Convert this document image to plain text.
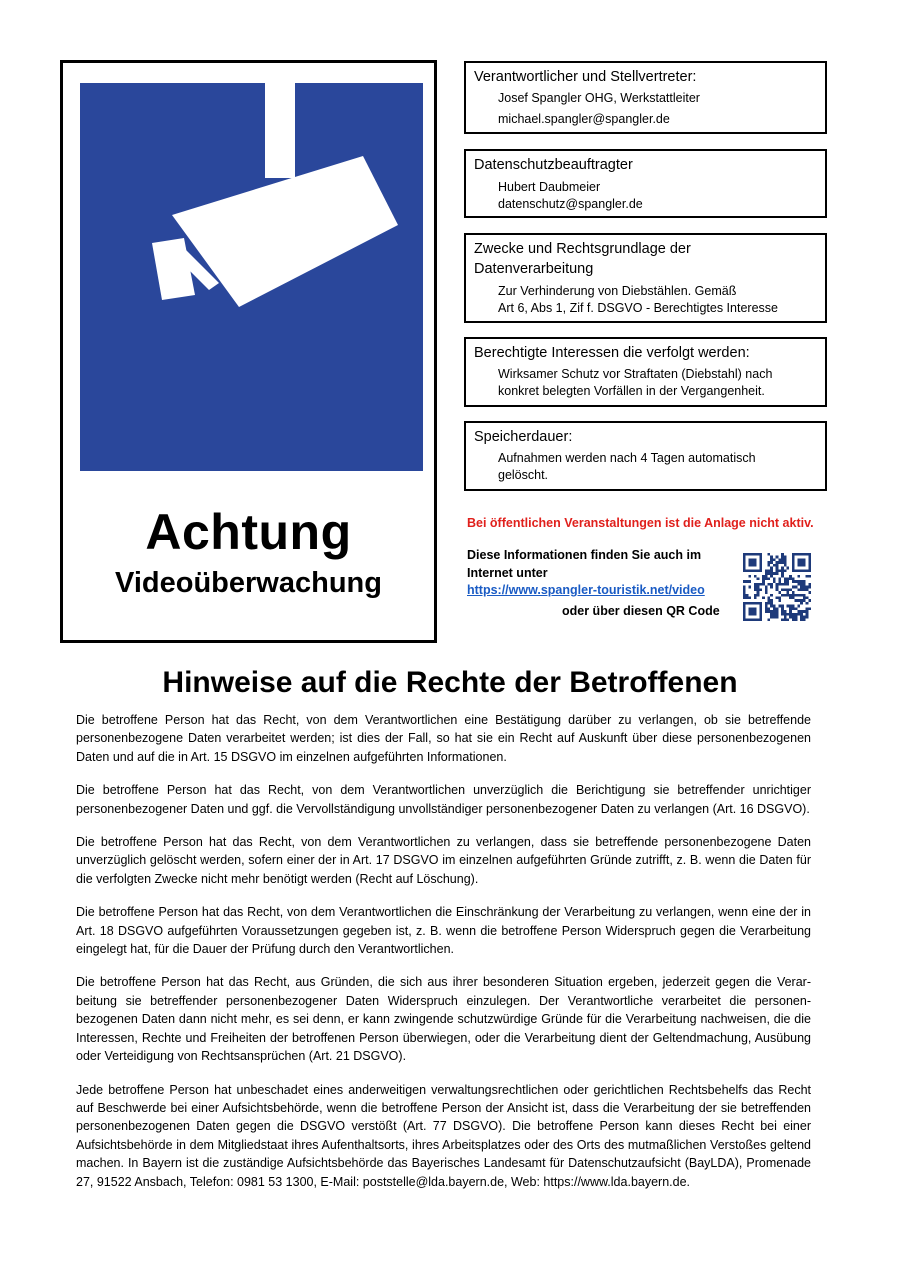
Achtung
Videoüberwachung
Verantwortlicher und Stellvertreter:
Josef Spangler OHG, Werkstattleiter
michael.spangler@spangler.de
Datenschutzbeauftragter
Hubert Daubmeier
datenschutz@spangler.de
Zwecke und Rechtsgrundlage der
Datenverarbeitung
Zur Verhinderung von Diebstählen. Gemäß
Art 6, Abs 1, Zif f. DSGVO - Berechtigtes Interesse
Berechtigte Interessen die verfolgt werden:
Wirksamer Schutz vor Straftaten (Diebstahl) nach
konkret belegten Vorfällen in der Vergangenheit.
Speicherdauer:
Aufnahmen werden nach 4 Tagen automatisch
gelöscht.
Bei öffentlichen Veranstaltungen ist die Anlage nicht aktiv.
Diese Informationen finden Sie auch im
Internet unter
https://www.spangler-touristik.net/video
oder über diesen QR Code
Hinweise auf die Rechte der Betroffenen

Die betroffene Person hat das Recht, von dem Verantwortlichen eine Bestätigung darüber zu verlangen, ob sie betreffende personenbezogene Daten verarbeitet werden; ist dies der Fall, so hat sie ein Recht auf Auskunft über diese personenbezogenen Daten und auf die in Art. 15 DSGVO im einzelnen aufgeführten Informationen.

Die betroffene Person hat das Recht, von dem Verantwortlichen unverzüglich die Berichtigung sie betreffender unrichtiger personenbezogener Daten und ggf. die Vervollständigung unvollständiger personenbezogener Daten zu verlangen (Art. 16 DSGVO).

Die betroffene Person hat das Recht, von dem Verantwortlichen zu verlangen, dass sie betreffende personenbezogene Daten unverzüglich gelöscht werden, sofern einer der in Art. 17 DSGVO im einzelnen aufgeführten Gründe zutrifft, z. B. wenn die Daten für die verfolgten Zwecke nicht mehr benötigt werden (Recht auf Löschung).

Die betroffene Person hat das Recht, von dem Verantwortlichen die Einschränkung der Verarbeitung zu verlangen, wenn eine der in Art. 18 DSGVO aufgeführten Voraussetzungen gegeben ist, z. B. wenn die betroffene Person Widerspruch gegen die Verarbeitung eingelegt hat, für die Dauer der Prüfung durch den Verantwortlichen.

Die betroffene Person hat das Recht, aus Gründen, die sich aus ihrer besonderen Situation ergeben, jederzeit gegen die Verarbeitung sie betreffender personenbezogener Daten Widerspruch einzulegen. Der Verantwortliche verarbeitet die personenbezogenen Daten dann nicht mehr, es sei denn, er kann zwingende schutzwürdige Gründe für die Verarbeitung nachweisen, die die Interessen, Rechte und Freiheiten der betroffenen Person überwiegen, oder die Verarbeitung dient der Geltendmachung, Ausübung oder Verteidigung von Rechtsansprüchen (Art. 21 DSGVO).

Jede betroffene Person hat unbeschadet eines anderweitigen verwaltungsrechtlichen oder gerichtlichen Rechtsbehelfs das Recht auf Beschwerde bei einer Aufsichtsbehörde, wenn die betroffene Person der Ansicht ist, dass die Verarbeitung der sie betreffenden personenbezogenen Daten gegen die DSGVO verstößt (Art. 77 DSGVO). Die betroffene Person kann dieses Recht bei einer Aufsichtsbehörde in dem Mitgliedstaat ihres Aufenthaltsorts, ihres Arbeitsplatzes oder des Orts des mutmaßlichen Verstoßes geltend machen. In Bayern ist die zuständige Aufsichtsbehörde das Bayerisches Landesamt für Datenschutzaufsicht (BayLDA), Promenade 27, 91522 Ansbach, Telefon: 0981 53 1300, E-Mail: poststelle@lda.bayern.de, Web: https://www.lda.bayern.de.
